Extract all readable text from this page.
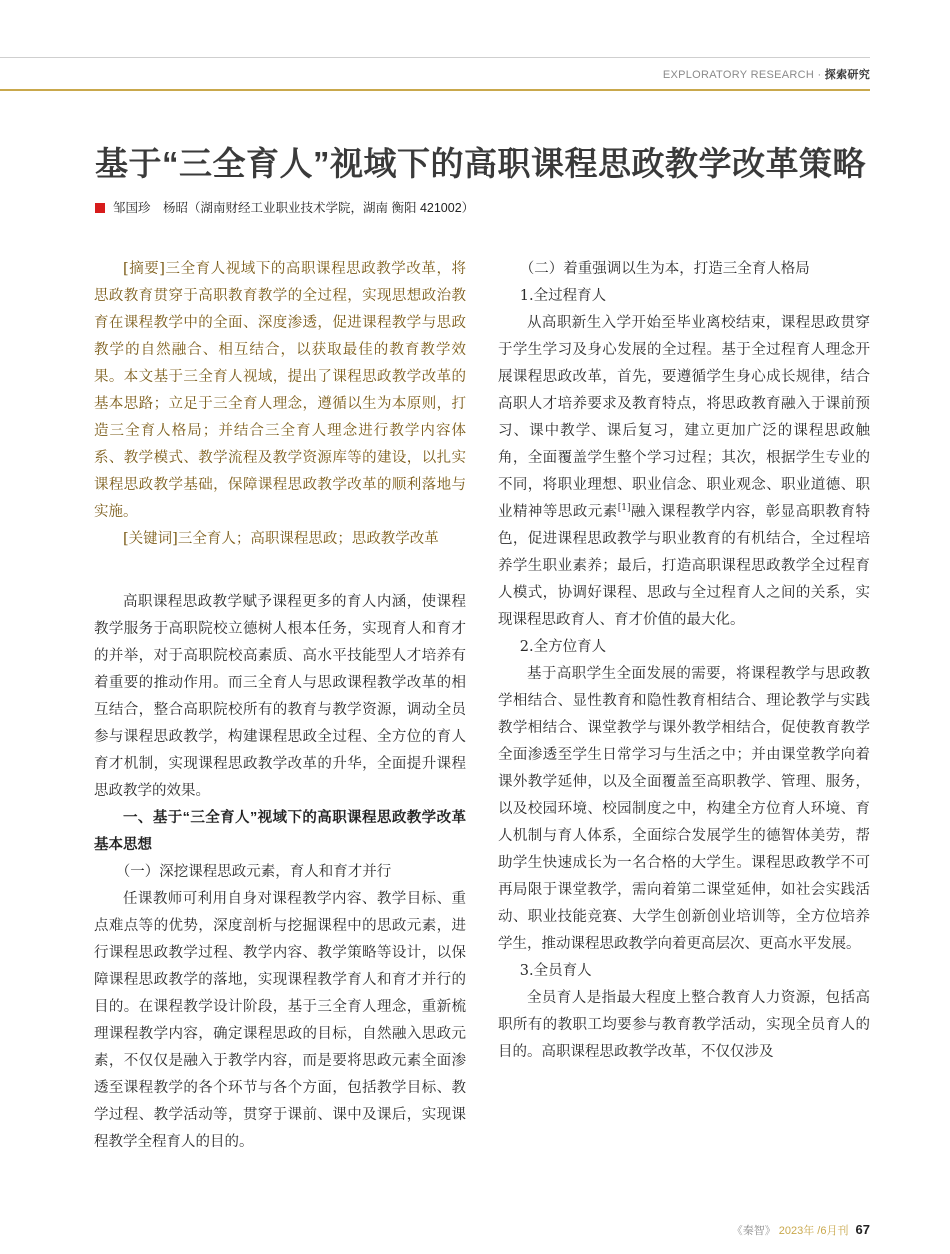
EXPLORATORY RESEARCH · 探索研究
基于“三全育人”视域下的高职课程思政教学改革策略
邹国珍　杨昭（湖南财经工业职业技术学院，湖南 衡阳 421002）

[摘要]三全育人视域下的高职课程思政教学改革，将思政教育贯穿于高职教育教学的全过程，实现思想政治教育在课程教学中的全面、深度渗透，促进课程教学与思政教学的自然融合、相互结合，以获取最佳的教育教学效果。本文基于三全育人视域，提出了课程思政教学改革的基本思路；立足于三全育人理念，遵循以生为本原则，打造三全育人格局；并结合三全育人理念进行教学内容体系、教学模式、教学流程及教学资源库等的建设，以扎实课程思政教学基础，保障课程思政教学改革的顺利落地与实施。

[关键词]三全育人；高职课程思政；思政教学改革

高职课程思政教学赋予课程更多的育人内涵，使课程教学服务于高职院校立德树人根本任务，实现育人和育才的并举，对于高职院校高素质、高水平技能型人才培养有着重要的推动作用。而三全育人与思政课程教学改革的相互结合，整合高职院校所有的教育与教学资源，调动全员参与课程思政教学，构建课程思政全过程、全方位的育人育才机制，实现课程思政教学改革的升华，全面提升课程思政教学的效果。

一、基于“三全育人”视域下的高职课程思政教学改革基本思想

（一）深挖课程思政元素，育人和育才并行

任课教师可利用自身对课程教学内容、教学目标、重点难点等的优势，深度剖析与挖掘课程中的思政元素，进行课程思政教学过程、教学内容、教学策略等设计，以保障课程思政教学的落地，实现课程教学育人和育才并行的目的。在课程教学设计阶段，基于三全育人理念，重新梳理课程教学内容，确定课程思政的目标，自然融入思政元素，不仅仅是融入于教学内容，而是要将思政元素全面渗透至课程教学的各个环节与各个方面，包括教学目标、教学过程、教学活动等，贯穿于课前、课中及课后，实现课程教学全程育人的目的。

（二）着重强调以生为本，打造三全育人格局

1.全过程育人

从高职新生入学开始至毕业离校结束，课程思政贯穿于学生学习及身心发展的全过程。基于全过程育人理念开展课程思政改革，首先，要遵循学生身心成长规律，结合高职人才培养要求及教育特点，将思政教育融入于课前预习、课中教学、课后复习，建立更加广泛的课程思政触角，全面覆盖学生整个学习过程；其次，根据学生专业的不同，将职业理想、职业信念、职业观念、职业道德、职业精神等思政元素[1]融入课程教学内容，彰显高职教育特色，促进课程思政教学与职业教育的有机结合，全过程培养学生职业素养；最后，打造高职课程思政教学全过程育人模式，协调好课程、思政与全过程育人之间的关系，实现课程思政育人、育才价值的最大化。

2.全方位育人

基于高职学生全面发展的需要，将课程教学与思政教学相结合、显性教育和隐性教育相结合、理论教学与实践教学相结合、课堂教学与课外教学相结合，促使教育教学全面渗透至学生日常学习与生活之中；并由课堂教学向着课外教学延伸，以及全面覆盖至高职教学、管理、服务，以及校园环境、校园制度之中，构建全方位育人环境、育人机制与育人体系，全面综合发展学生的德智体美劳，帮助学生快速成长为一名合格的大学生。课程思政教学不可再局限于课堂教学，需向着第二课堂延伸，如社会实践活动、职业技能竞赛、大学生创新创业培训等，全方位培养学生，推动课程思政教学向着更高层次、更高水平发展。

3.全员育人

全员育人是指最大程度上整合教育人力资源，包括高职所有的教职工均要参与教育教学活动，实现全员育人的目的。高职课程思政教学改革，不仅仅涉及

《秦智》 2023年 /6月刊 67
